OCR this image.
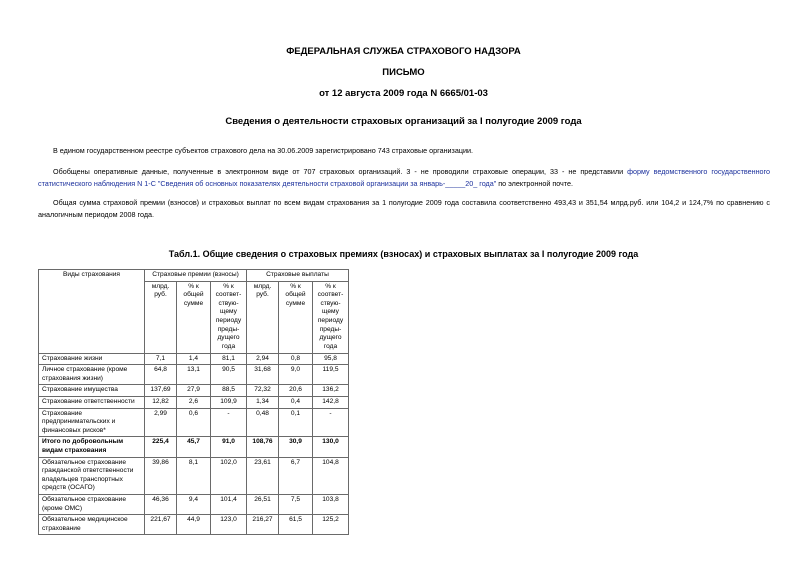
ФЕДЕРАЛЬНАЯ СЛУЖБА СТРАХОВОГО НАДЗОРА
ПИСЬМО
от 12 августа 2009 года N 6665/01-03
Сведения о деятельности страховых организаций за I полугодие 2009 года
В едином государственном реестре субъектов страхового дела на 30.06.2009 зарегистрировано 743 страховые организации.
Обобщены оперативные данные, полученные в электронном виде от 707 страховых организаций. 3 - не проводили страховые операции, 33 - не представили форму ведомственного государственного статистического наблюдения N 1-С "Сведения об основных показателях деятельности страховой организации за январь-_____20_ года" по электронной почте.
Общая сумма страховой премии (взносов) и страховых выплат по всем видам страхования за 1 полугодие 2009 года составила соответственно 493,43 и 351,54 млрд.руб. или 104,2 и 124,7% по сравнению с аналогичным периодом 2008 года.
Табл.1. Общие сведения о страховых премиях (взносах) и страховых выплатах за I полугодие 2009 года
Виды страхования	Страховые премии (взносы)			Страховые выплаты		
	млрд. руб.	% к общей сумме	% к соответ- ствую- щему периоду преды- дущего года	млрд. руб.	% к общей сумме	% к соответ- ствую- щему периоду преды- дущего года
Страхование жизни	7,1	1,4	81,1	2,94	0,8	95,8
Личное страхование (кроме страхования жизни)	64,8	13,1	90,5	31,68	9,0	119,5
Страхование имущества	137,69	27,9	88,5	72,32	20,6	136,2
Страхование ответственности	12,82	2,6	109,9	1,34	0,4	142,8
Страхование предпринимательских и финансовых рисков*	2,99	0,6	-	0,48	0,1	-
Итого по добровольным видам страхования	225,4	45,7	91,0	108,76	30,9	130,0
Обязательное страхование гражданской ответственности владельцев транспортных средств (ОСАГО)	39,86	8,1	102,0	23,61	6,7	104,8
Обязательное страхование (кроме ОМС)	46,36	9,4	101,4	26,51	7,5	103,8
Обязательное медицинское страхование	221,67	44,9	123,0	216,27	61,5	125,2
